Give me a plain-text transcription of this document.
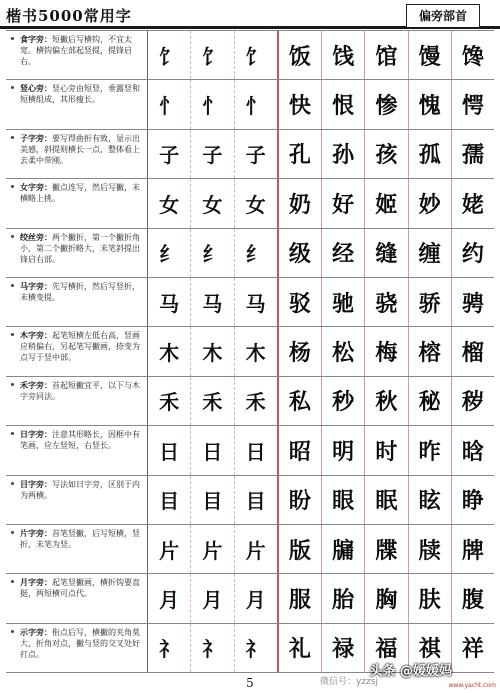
楷书5000常用字	偏旁部首
食字旁：短撇后写横钩，不宜太宽。横钩偏左部起竖提，提锋启右。	饣 饣 饣 饭 饯 馆 馒 馋
竖心旁：竖心旁由短竖，垂露竖和短横组成，其形瘦长。	忄 忄 忄 快 恨 惨 愧 愕
子字旁：要写得曲折有致，显示出美感，斜提则横长一点，整体看上去柔中带刚。	子 子 子 孔 孙 孩 孤 孺
女字旁：撇点连写，然后写撇，末横略上挑。	女 女 女 奶 好 姬 妙 姥
绞丝旁：两个撇折，第一个撇折角小，第二个撇折略大，末笔斜提出锋启右部。	纟 纟 纟 级 经 缝 缠 约
马字旁：先写横折，然后写竖折，末横变提。	马 马 马 驳 驰 骁 骄 骋
木字旁：起笔短横左低右高，竖画应稍偏右，另起笔写撇画，捺变为点写于竖中部。	木 木 木 杨 松 梅 榕 榴
禾字旁：首起短撇宜平，以下与木字旁同法。	禾 禾 禾 私 秒 秋 秘 秽
日字旁：注意其形略长，因框中有笔画，应左竖短，右竖长。	日 日 日 昭 明 时 昨 晗
目字旁：写法如日字旁，区别于内为两横。	目 目 目 盼 眼 眠 眩 睁
片字旁：首笔竖撇，后写短横，竖折，末笔为竖。	片 片 片 版 牖 牒 牍 牌
月字旁：起笔竖撇画，横折钩要直挺，两短横可点代。	月 月 月 服 胎 胸 肤 腹
示字旁：衔点后写，横撇的夹角莫大，折角对点，撇与竖的交叉处好打点。	礻 礻 礻 礼 禄 福 祺 祥
微信号：yzzsj
5
头条 @媛媛妈
www.yacht.com
